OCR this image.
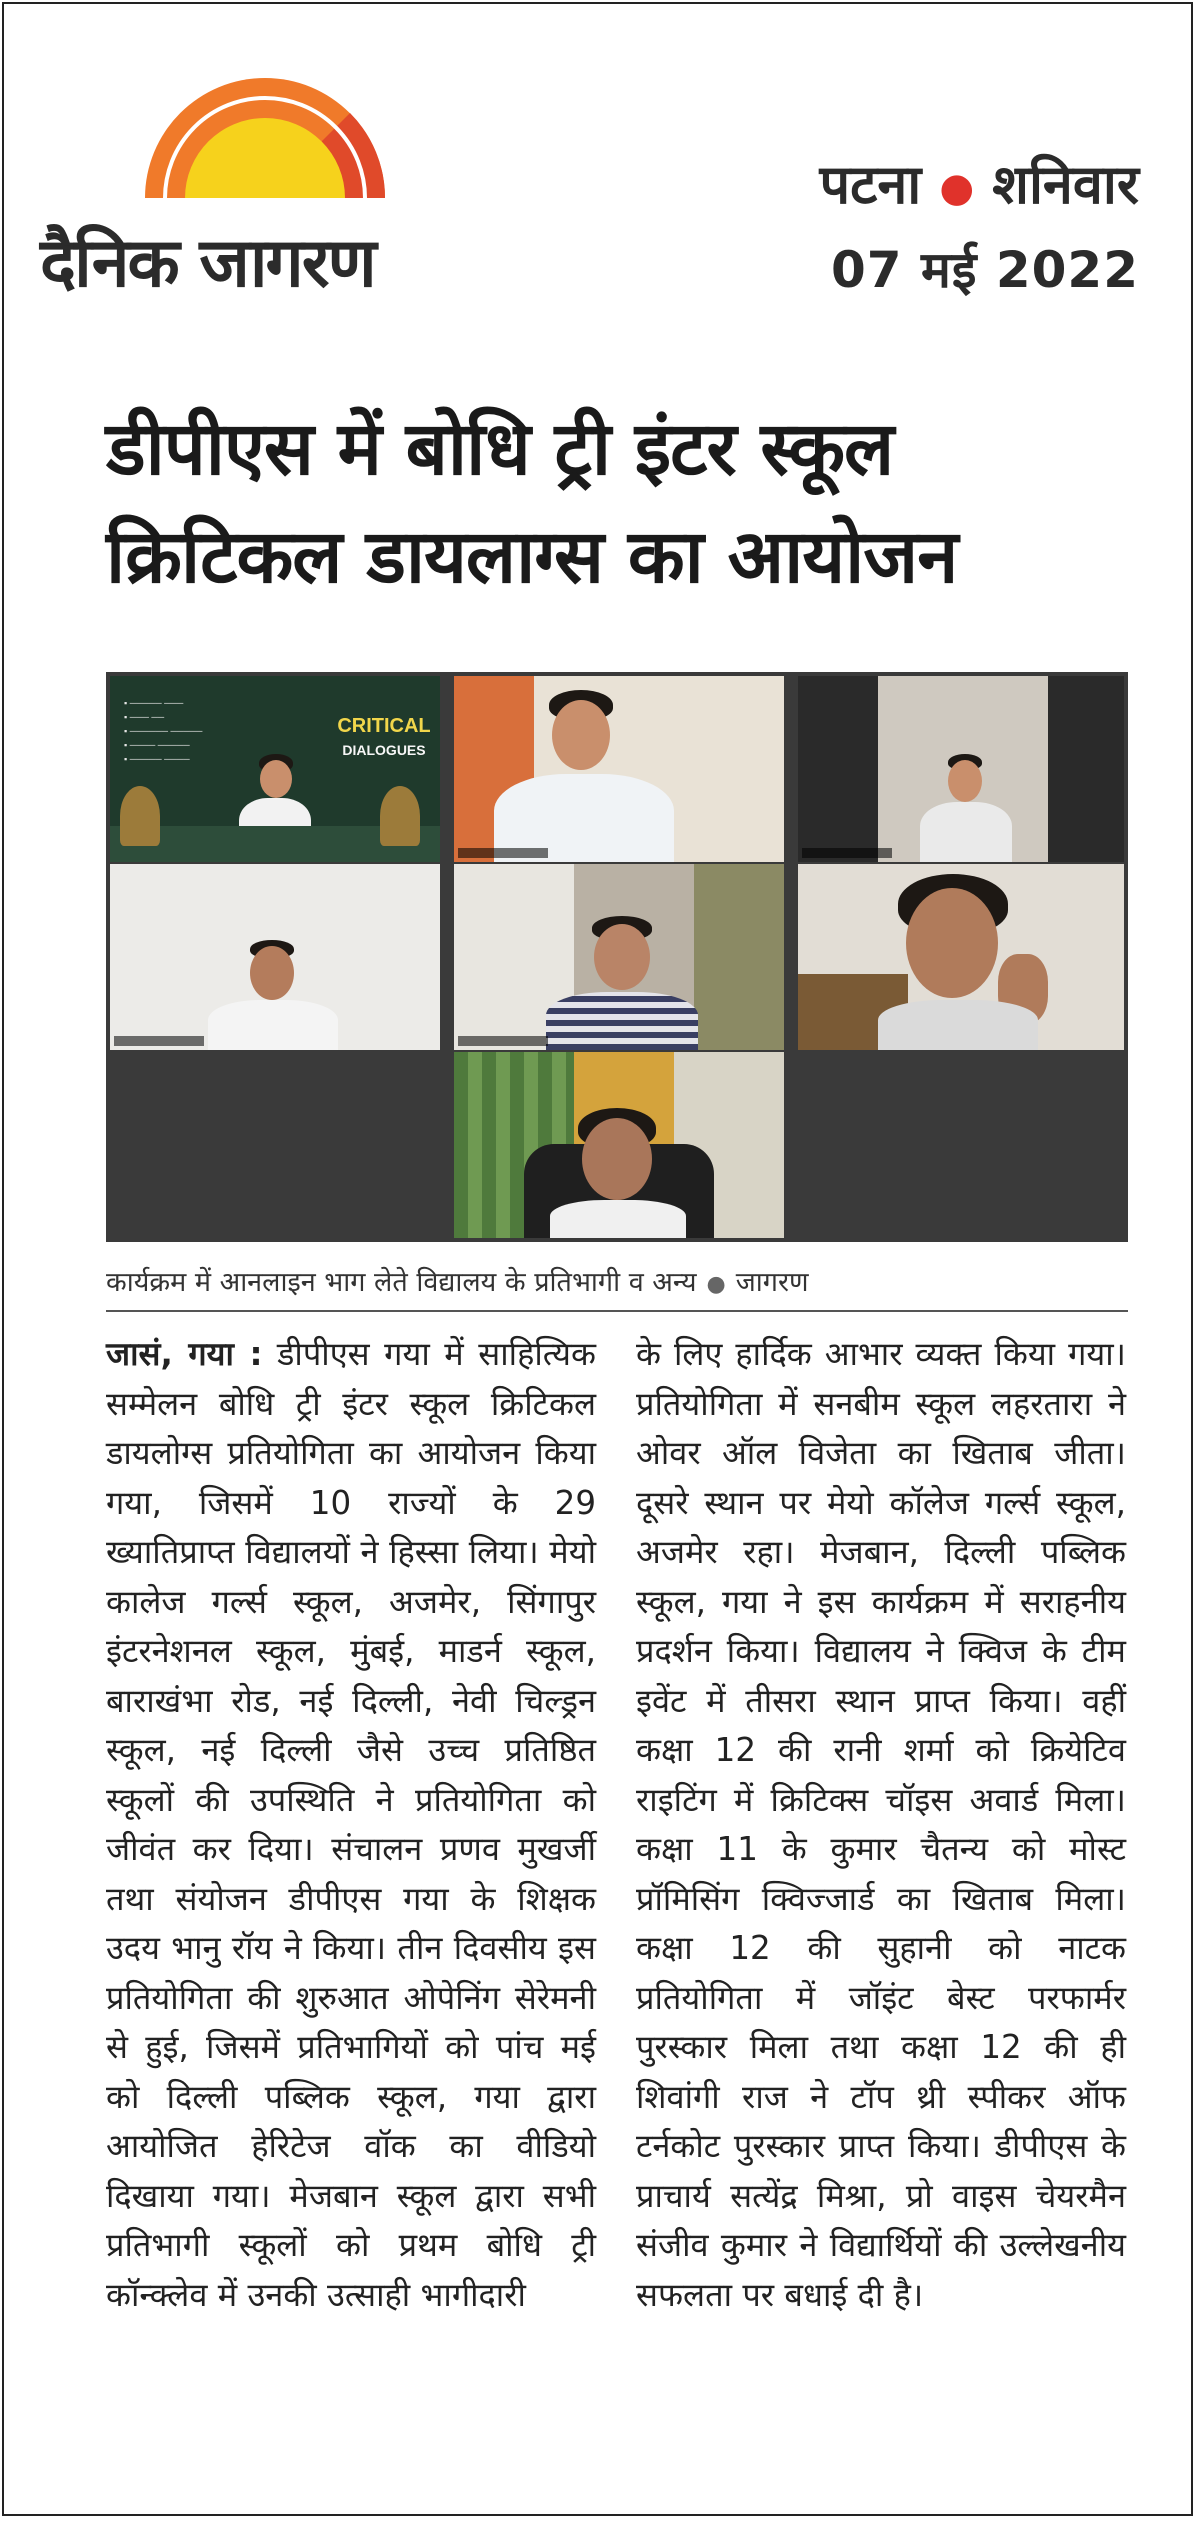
दैनिक जागरण
पटना ● शनिवार
07 मई 2022
डीपीएस में बोधि ट्री इंटर स्कूल
क्रिटिकल डायलाग्स का आयोजन
▪ ───── ───
▪ ─── ──
▪ ────── ─────
▪ ──── ─────
▪ ───── ────
CRITICAL
DIALOGUES
कार्यक्रम में आनलाइन भाग लेते विद्यालय के प्रतिभागी व अन्य ● जागरण
जासं, गया : डीपीएस गया में साहित्यिक सम्मेलन बोधि ट्री इंटर स्कूल क्रिटिकल डायलोग्स प्रतियोगिता का आयोजन किया गया, जिसमें 10 राज्यों के 29 ख्यातिप्राप्त विद्यालयों ने हिस्सा लिया। मेयो कालेज गर्ल्स स्कूल, अजमेर, सिंगापुर इंटरनेशनल स्कूल, मुंबई, माडर्न स्कूल, बाराखंभा रोड, नई दिल्ली, नेवी चिल्ड्रन स्कूल, नई दिल्ली जैसे उच्च प्रतिष्ठित स्कूलों की उपस्थिति ने प्रतियोगिता को जीवंत कर दिया। संचालन प्रणव मुखर्जी तथा संयोजन डीपीएस गया के शिक्षक उदय भानु रॉय ने किया। तीन दिवसीय इस प्रतियोगिता की शुरुआत ओपेनिंग सेरेमनी से हुई, जिसमें प्रतिभागियों को पांच मई को दिल्ली पब्लिक स्कूल, गया द्वारा आयोजित हेरिटेज वॉक का वीडियो दिखाया गया। मेजबान स्कूल द्वारा सभी प्रतिभागी स्कूलों को प्रथम बोधि ट्री कॉन्क्लेव में उनकी उत्साही भागीदारी
के लिए हार्दिक आभार व्यक्त किया गया। प्रतियोगिता में सनबीम स्कूल लहरतारा ने ओवर ऑल विजेता का खिताब जीता। दूसरे स्थान पर मेयो कॉलेज गर्ल्स स्कूल, अजमेर रहा। मेजबान, दिल्ली पब्लिक स्कूल, गया ने इस कार्यक्रम में सराहनीय प्रदर्शन किया। विद्यालय ने क्विज के टीम इवेंट में तीसरा स्थान प्राप्त किया। वहीं कक्षा 12 की रानी शर्मा को क्रियेटिव राइटिंग में क्रिटिक्स चॉइस अवार्ड मिला। कक्षा 11 के कुमार चैतन्य को मोस्ट प्रॉमिसिंग क्विज्जार्ड का खिताब मिला। कक्षा 12 की सुहानी को नाटक प्रतियोगिता में जॉइंट बेस्ट परफार्मर पुरस्कार मिला तथा कक्षा 12 की ही शिवांगी राज ने टॉप थ्री स्पीकर ऑफ टर्नकोट पुरस्कार प्राप्त किया। डीपीएस के प्राचार्य सत्येंद्र मिश्रा, प्रो वाइस चेयरमैन संजीव कुमार ने विद्यार्थियों की उल्लेखनीय सफलता पर बधाई दी है।
